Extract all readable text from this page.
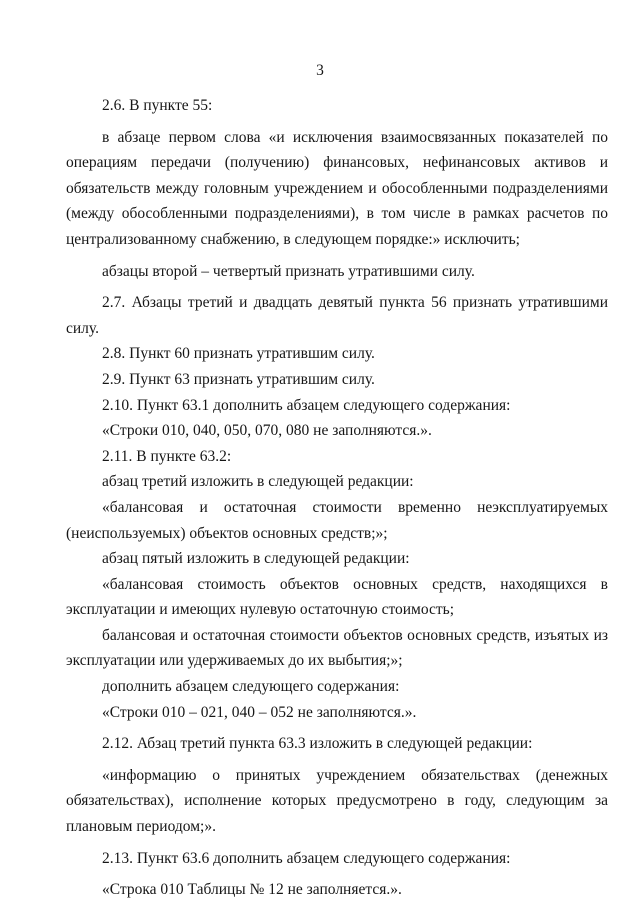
3

2.6. В пункте 55:

в абзаце первом слова «и исключения взаимосвязанных показателей по операциям передачи (получению) финансовых, нефинансовых активов и обязательств между головным учреждением и обособленными подразделениями (между обособленными подразделениями), в том числе в рамках расчетов по централизованному снабжению, в следующем порядке:» исключить;

абзацы второй – четвертый признать утратившими силу.

2.7. Абзацы третий и двадцать девятый пункта 56 признать утратившими силу.

2.8. Пункт 60 признать утратившим силу.

2.9. Пункт 63 признать утратившим силу.

2.10. Пункт 63.1 дополнить абзацем следующего содержания:

«Строки 010, 040, 050, 070, 080 не заполняются.».

2.11. В пункте 63.2:

абзац третий изложить в следующей редакции:

«балансовая и остаточная стоимости временно неэксплуатируемых (неиспользуемых) объектов основных средств;»;

абзац пятый изложить в следующей редакции:

«балансовая стоимость объектов основных средств, находящихся в эксплуатации и имеющих нулевую остаточную стоимость;

балансовая и остаточная стоимости объектов основных средств, изъятых из эксплуатации или удерживаемых до их выбытия;»;

дополнить абзацем следующего содержания:

«Строки 010 – 021, 040 – 052 не заполняются.».

2.12. Абзац третий пункта 63.3 изложить в следующей редакции:

«информацию о принятых учреждением обязательствах (денежных обязательствах), исполнение которых предусмотрено в году, следующим за плановым периодом;».

2.13. Пункт 63.6 дополнить абзацем следующего содержания:

«Строка 010 Таблицы № 12 не заполняется.».
